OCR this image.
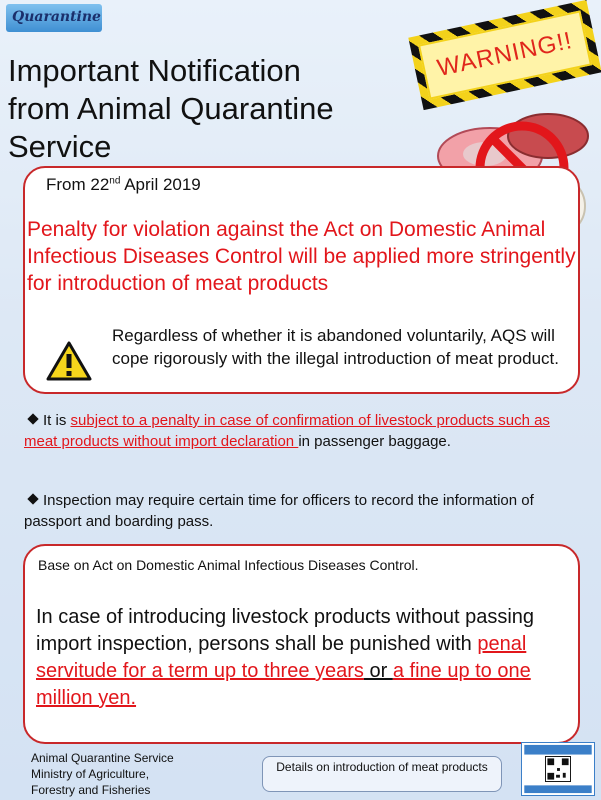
Quarantine
Important Notification
from Animal Quarantine
Service
WARNING!!
From 22nd April 2019
Penalty for violation against the Act on Domestic Animal Infectious Diseases Control will be applied more stringently for introduction of meat products
Regardless of whether it is abandoned voluntarily, AQS will cope rigorously with the illegal introduction of meat product.
It is subject to a penalty in case of confirmation of livestock products such as meat products without import declaration in passenger baggage.
Inspection may require certain time for officers to record the information of passport and boarding pass.
Base on Act on Domestic Animal Infectious Diseases Control.
In case of introducing livestock products without passing import inspection, persons shall be punished with penal servitude for a term up to three years or a fine up to one million yen.
Animal Quarantine Service
Ministry of Agriculture,
Forestry and Fisheries
Details on introduction of meat products
